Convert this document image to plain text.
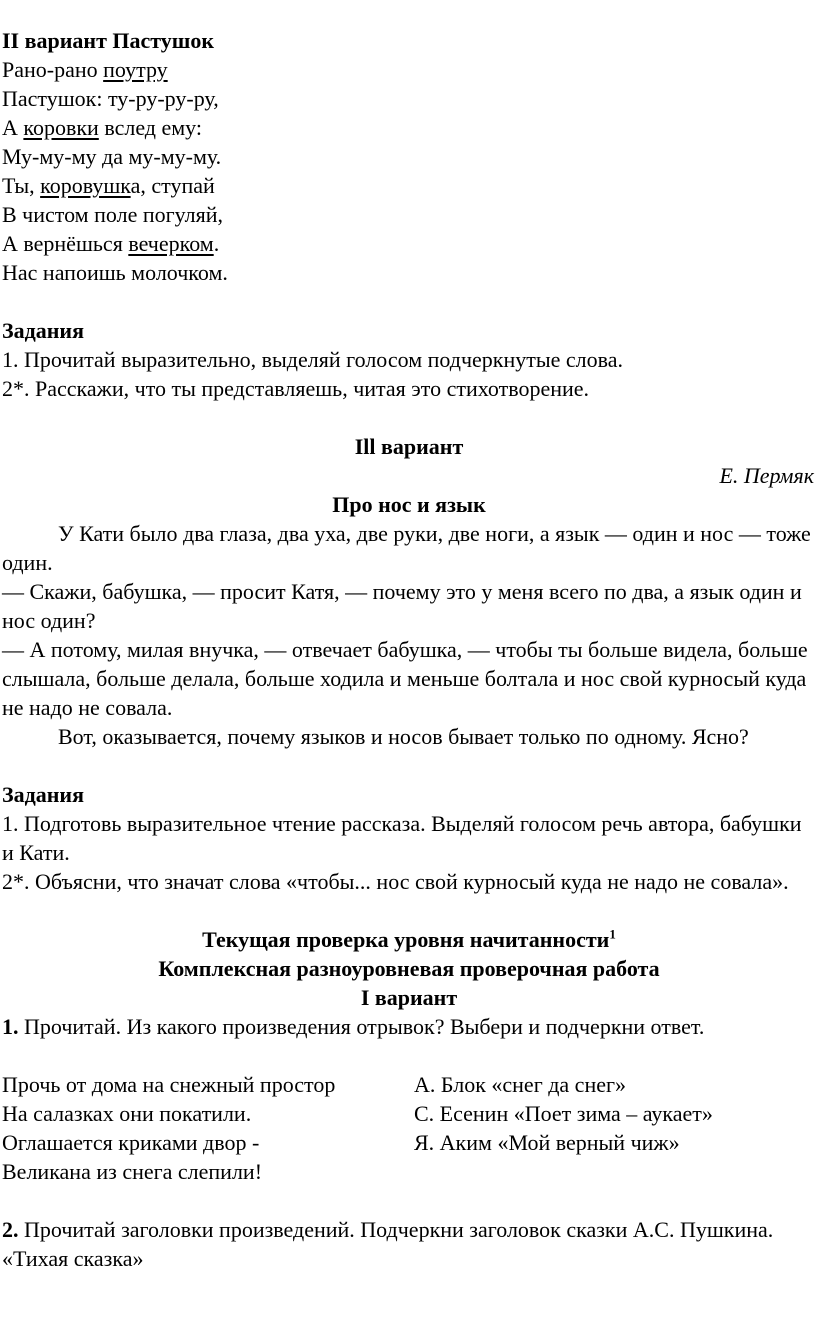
II вариант Пастушок

Рано-рано поутру

Пастушок: ту-ру-ру-ру,

А коровки вслед ему:

Му-му-му да му-му-му.

Ты, коровушка, ступай

В чистом поле погуляй,

А вернёшься вечерком.

Нас напоишь молочком.

Задания

1. Прочитай выразительно, выделяй голосом подчеркнутые слова.

2*. Расскажи, что ты представляешь, читая это стихотворение.

Ill вариант

Е. Пермяк

Про нос и язык

У Кати было два глаза, два уха, две руки, две ноги, а язык — один и нос — тоже один.

— Скажи, бабушка, — просит Катя, — почему это у меня всего по два, а язык один и нос один?

— А потому, милая внучка, — отвечает бабушка, — чтобы ты больше видела, больше слышала, больше делала, больше ходила и меньше болтала и нос свой курносый куда не надо не совала.

Вот, оказывается, почему языков и носов бывает только по одному. Ясно?

Задания

1. Подготовь выразительное чтение рассказа. Выделяй голосом речь автора, бабушки и Кати.

2*. Объясни, что значат слова «чтобы... нос свой курносый куда не надо не совала».

Текущая проверка уровня начитанности$^1$

Комплексная разноуровневая проверочная работа

I вариант

1. Прочитай. Из какого произведения отрывок? Выбери и подчеркни ответ.

Прочь от дома на снежный простор	А. Блок «снег да снег»
На салазках они покатили.	С. Есенин «Поет зима – аукает»
Оглашается криками двор -	Я. Аким «Мой верный чиж»
Великана из снега слепили!

2. Прочитай заголовки произведений. Подчеркни заголовок сказки А.С. Пушкина.

«Тихая сказка»
